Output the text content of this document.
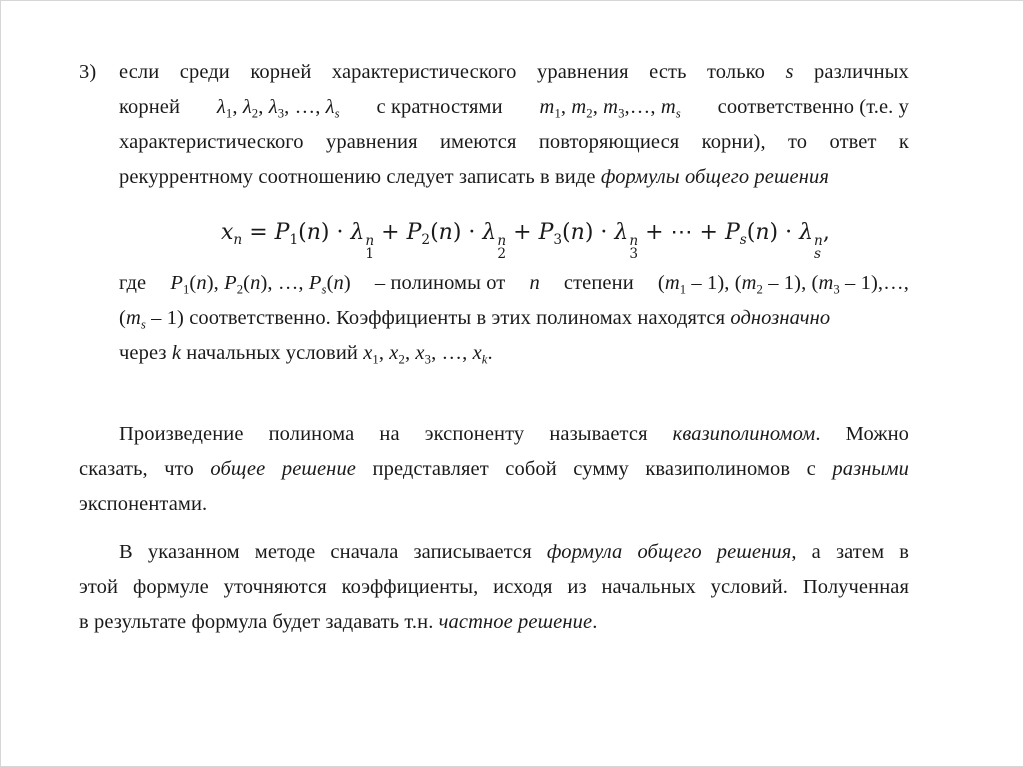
3)	если среди корней характеристического уравнения есть только s различных
корней $\lambda_1$, $\lambda_2$, $\lambda_3$, …, $\lambda_s$ с кратностями $m_1$, $m_2$, $m_3,\dots$, $m_s$ соответственно (т.е. у
характеристического уравнения имеются повторяющиеся корни), то ответ к
рекуррентному соотношению следует записать в виде формулы общего решения
$x_n = P_1(n) \cdot \lambda$ n
1
+ $P_2(n) \cdot \lambda$ n
2
+ $P_3(n) \cdot \lambda$ n
3
+ ⋯ + $P_s(n) \cdot \lambda$ n
s
,
где $P_1(n)$, $P_2(n)$, …, $P_s(n)$ – полиномы от n степени $(m_1 - 1)$, $(m_2 - 1)$, ($m_3$ – 1),…,
$(m_s - 1)$ соответственно. Коэффициенты в этих полиномах находятся однозначно
через k начальных условий $x_1$, $x_2$, $x_3$, …, $x_k$.
Произведение полинома на экспоненту называется квазиполиномом. Можно
сказать, что общее решение представляет собой сумму квазиполиномов с разными
экспонентами.
В указанном методе сначала записывается формула общего решения, а затем в
этой формуле уточняются коэффициенты, исходя из начальных условий. Полученная
в результате формула будет задавать т.н. частное решение.
